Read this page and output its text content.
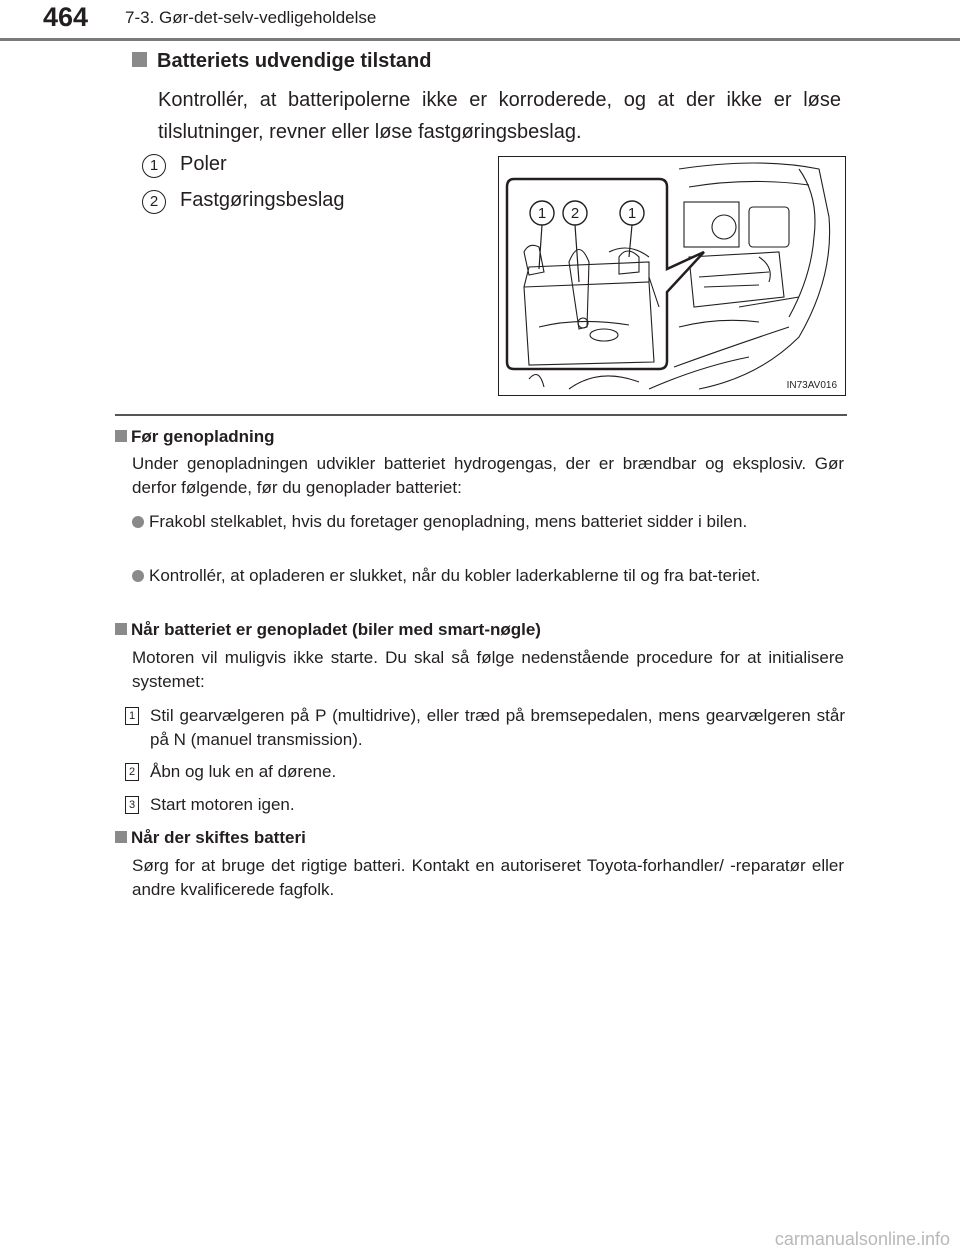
464 7-3. Gør-det-selv-vedligeholdelse
Batteriets udvendige tilstand
Kontrollér, at batteripolerne ikke er korroderede, og at der ikke er løse tilslutninger, revner eller løse fastgøringsbeslag.
1 Poler
2 Fastgøringsbeslag
1 2	1
IN73AV016
Før genopladning
Under genopladningen udvikler batteriet hydrogengas, der er brændbar og eksplosiv. Gør derfor følgende, før du genoplader batteriet:
Frakobl stelkablet, hvis du foretager genopladning, mens batteriet sidder i bilen.
Kontrollér, at opladeren er slukket, når du kobler laderkablerne til og fra bat-teriet.
Når batteriet er genopladet (biler med smart-nøgle)
Motoren vil muligvis ikke starte. Du skal så følge nedenstående procedure for at initialisere systemet:
1 Stil gearvælgeren på P (multidrive), eller træd på bremsepedalen, mens gearvælgeren står på N (manuel transmission).
2 Åbn og luk en af dørene.
3 Start motoren igen.
Når der skiftes batteri
Sørg for at bruge det rigtige batteri. Kontakt en autoriseret Toyota-forhandler/ -reparatør eller andre kvalificerede fagfolk.
carmanualsonline.info
